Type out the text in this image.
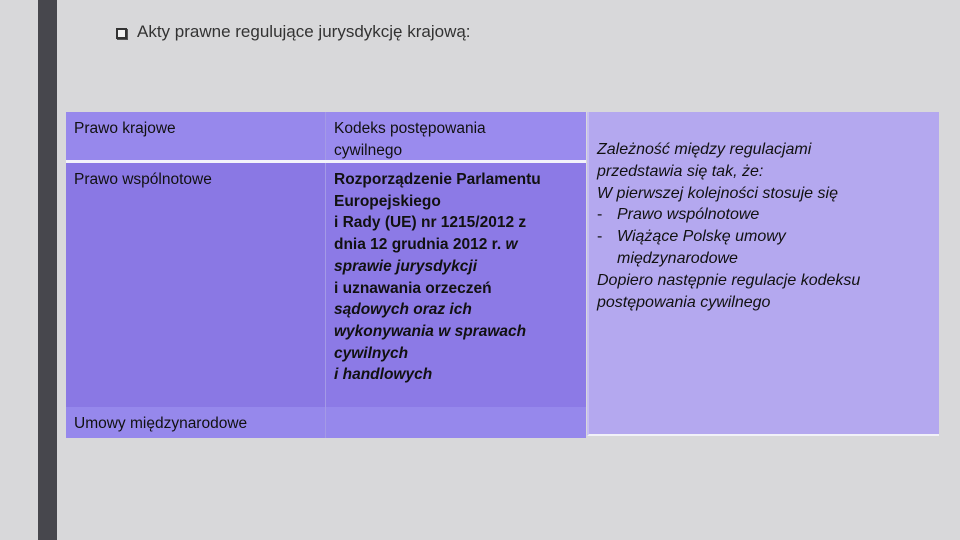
Akty prawne regulujące jurysdykcję krajową:
Prawo krajowe	Kodeks postępowania
cywilnego
Prawo wspólnotowe	Rozporządzenie Parlamentu
Europejskiego
i Rady (UE) nr 1215/2012 z
dnia 12 grudnia 2012 r. w
sprawie jurysdykcji
i uznawania orzeczeń
sądowych oraz ich
wykonywania w sprawach
cywilnych
i handlowych
Umowy międzynarodowe
Zależność między regulacjami
przedstawia się tak, że:
W pierwszej kolejności stosuje się
- Prawo wspólnotowe
- Wiążące Polskę umowy
międzynarodowe
Dopiero następnie regulacje kodeksu
postępowania cywilnego
